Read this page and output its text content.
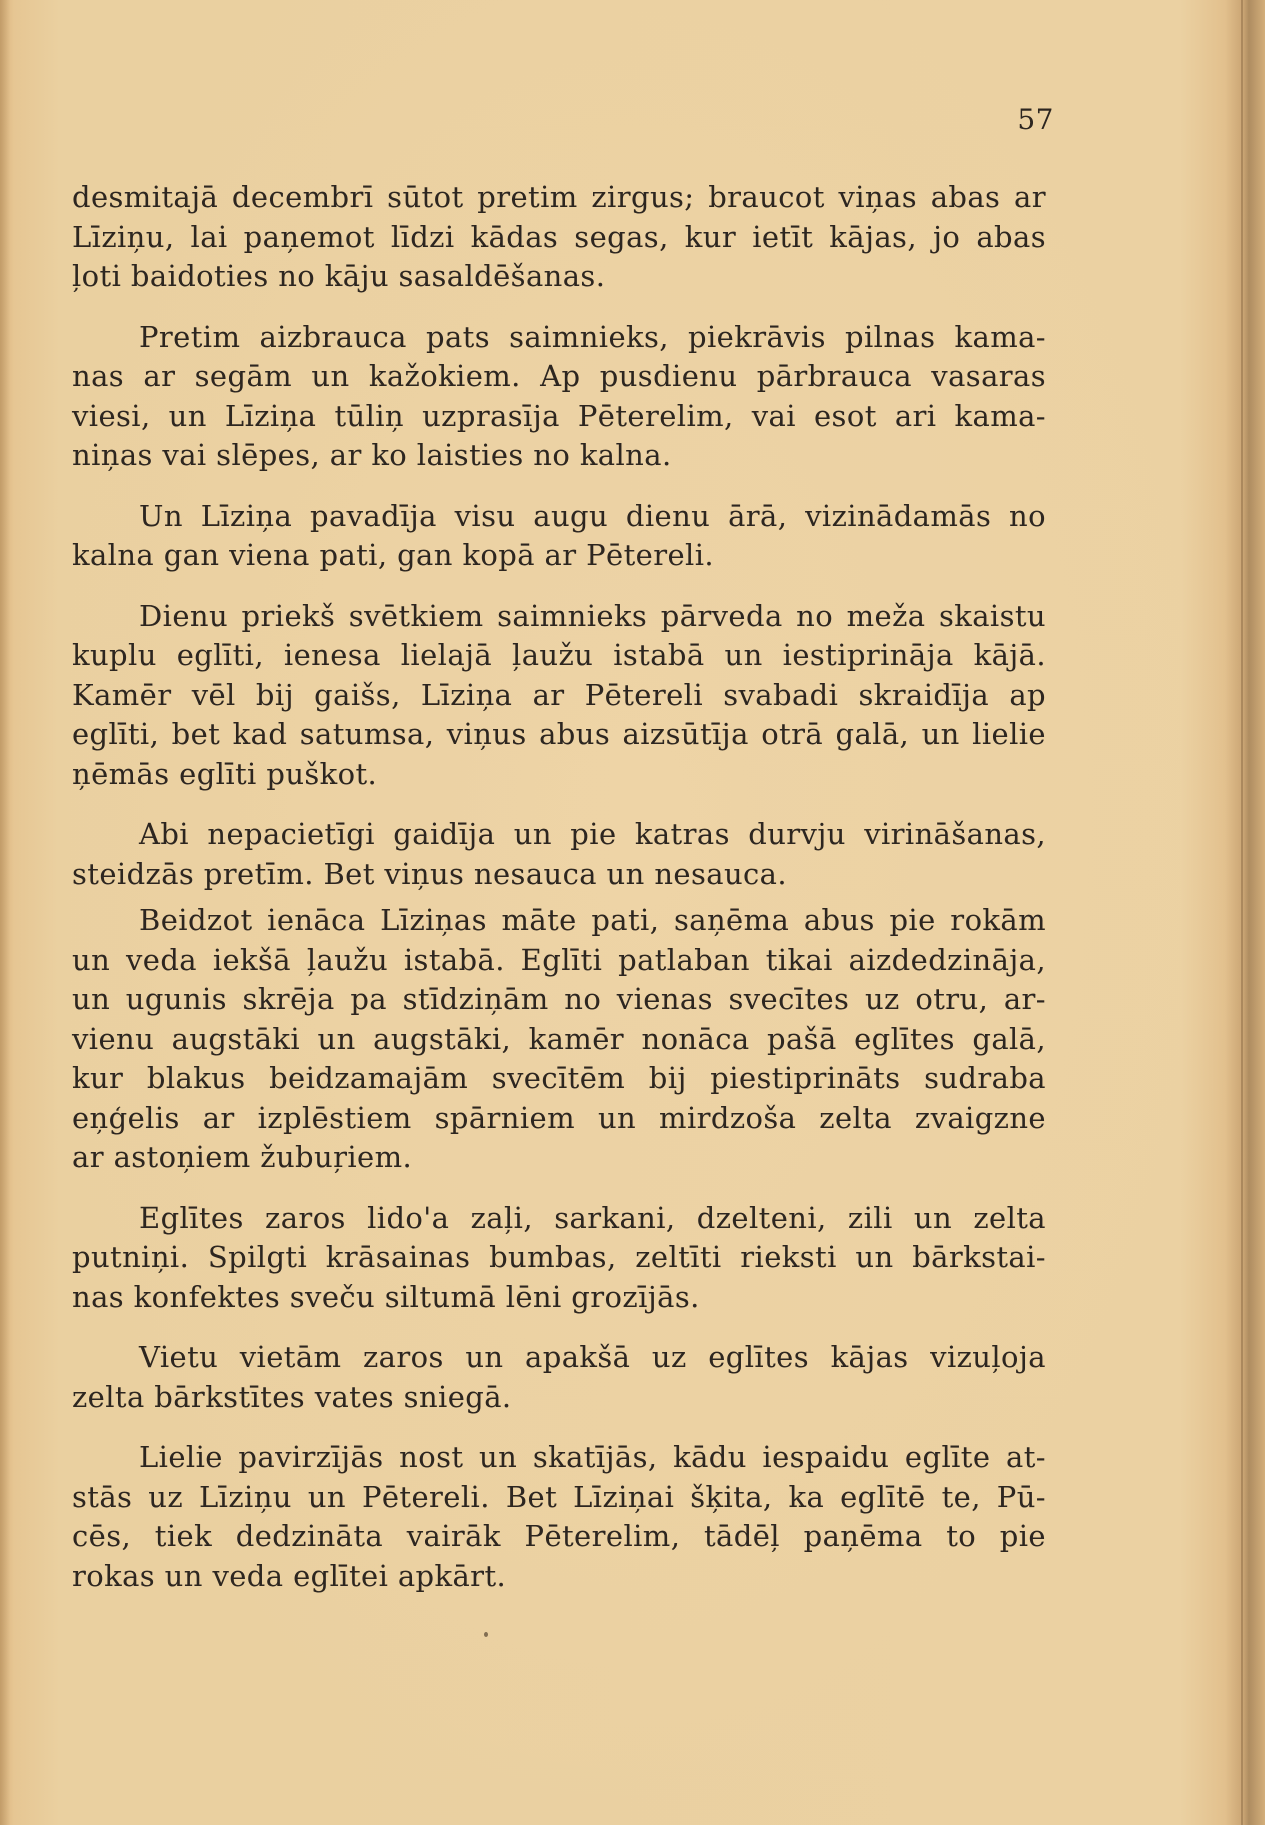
57
desmitajā decembrī sūtot pretim zirgus; braucot viņas abas ar
Līziņu, lai paņemot līdzi kādas segas, kur ietīt kājas, jo abas
ļoti baidoties no kāju sasaldēšanas.
Pretim aizbrauca pats saimnieks, piekrāvis pilnas kama-
nas ar segām un kažokiem. Ap pusdienu pārbrauca vasaras
viesi, un Līziņa tūliņ uzprasīja Pēterelim, vai esot ari kama-
niņas vai slēpes, ar ko laisties no kalna.
Un Līziņa pavadīja visu augu dienu ārā, vizinādamās no
kalna gan viena pati, gan kopā ar Pētereli.
Dienu priekš svētkiem saimnieks pārveda no meža skaistu
kuplu eglīti, ienesa lielajā ļaužu istabā un iestiprināja kājā.
Kamēr vēl bij gaišs, Līziņa ar Pētereli svabadi skraidīja ap
eglīti, bet kad satumsa, viņus abus aizsūtīja otrā galā, un lielie
ņēmās eglīti puškot.
Abi nepacietīgi gaidīja un pie katras durvju virināšanas,
steidzās pretīm. Bet viņus nesauca un nesauca.
Beidzot ienāca Līziņas māte pati, saņēma abus pie rokām
un veda iekšā ļaužu istabā. Eglīti patlaban tikai aizdedzināja,
un ugunis skrēja pa stīdziņām no vienas svecītes uz otru, ar-
vienu augstāki un augstāki, kamēr nonāca pašā eglītes galā,
kur blakus beidzamajām svecītēm bij piestiprināts sudraba
eņģelis ar izplēstiem spārniem un mirdzoša zelta zvaigzne
ar astoņiem žubuŗiem.
Eglītes zaros lido'a zaļi, sarkani, dzelteni, zili un zelta
putniņi. Spilgti krāsainas bumbas, zeltīti rieksti un bārkstai-
nas konfektes sveču siltumā lēni grozījās.
Vietu vietām zaros un apakšā uz eglītes kājas vizuļoja
zelta bārkstītes vates sniegā.
Lielie pavirzījās nost un skatījās, kādu iespaidu eglīte at-
stās uz Līziņu un Pētereli. Bet Līziņai šķita, ka eglītē te, Pū-
cēs, tiek dedzināta vairāk Pēterelim, tādēļ paņēma to pie
rokas un veda eglītei apkārt.
